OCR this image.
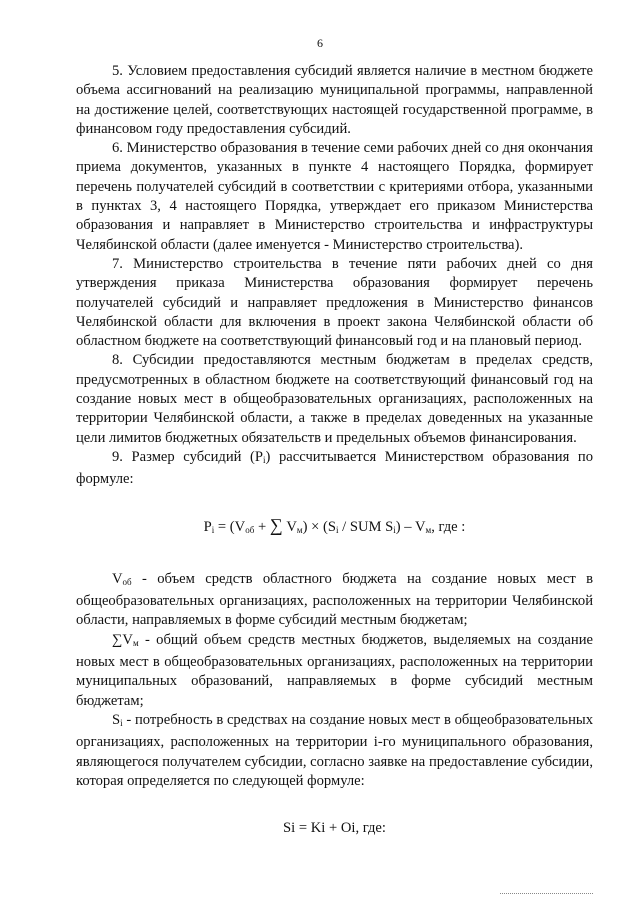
6

5. Условием предоставления субсидий является наличие в местном бюджете объема ассигнований на реализацию муниципальной программы, направленной на достижение целей, соответствующих настоящей государственной программе, в финансовом году предоставления субсидий.

6. Министерство образования в течение семи рабочих дней со дня окончания приема документов, указанных в пункте 4 настоящего Порядка, формирует перечень получателей субсидий в соответствии с критериями отбора, указанными в пунктах 3, 4 настоящего Порядка, утверждает его приказом Министерства образования и направляет в Министерство строительства и инфраструктуры Челябинской области (далее именуется - Министерство строительства).

7. Министерство строительства в течение пяти рабочих дней со дня утверждения приказа Министерства образования формирует перечень получателей субсидий и направляет предложения в Министерство финансов Челябинской области для включения в проект закона Челябинской области об областном бюджете на соответствующий финансовый год и на плановый период.

8. Субсидии предоставляются местным бюджетам в пределах средств, предусмотренных в областном бюджете на соответствующий финансовый год на создание новых мест в общеобразовательных организациях, расположенных на территории Челябинской области, а также в пределах доведенных на указанные цели лимитов бюджетных обязательств и предельных объемов финансирования.

9. Размер субсидий $(P_i)$ рассчитывается Министерством образования по формуле:

$P_i = (V_{об}$ + ∑ $V_м) \times (S_i$ / SUM $S_i) - V_м$, где :

$V_{об}$ - объем средств областного бюджета на создание новых мест в общеобразовательных организациях, расположенных на территории Челябинской области, направляемых в форме субсидий местным бюджетам;

$\sum V_м$ - общий объем средств местных бюджетов, выделяемых на создание новых мест в общеобразовательных организациях, расположенных на территории муниципальных образований, направляемых в форме субсидий местным бюджетам;

$S_i$ - потребность в средствах на создание новых мест в общеобразовательных организациях, расположенных на территории i-го муниципального образования, являющегося получателем субсидии, согласно заявке на предоставление субсидии, которая определяется по следующей формуле:

Si = Ki + Oi, где:
